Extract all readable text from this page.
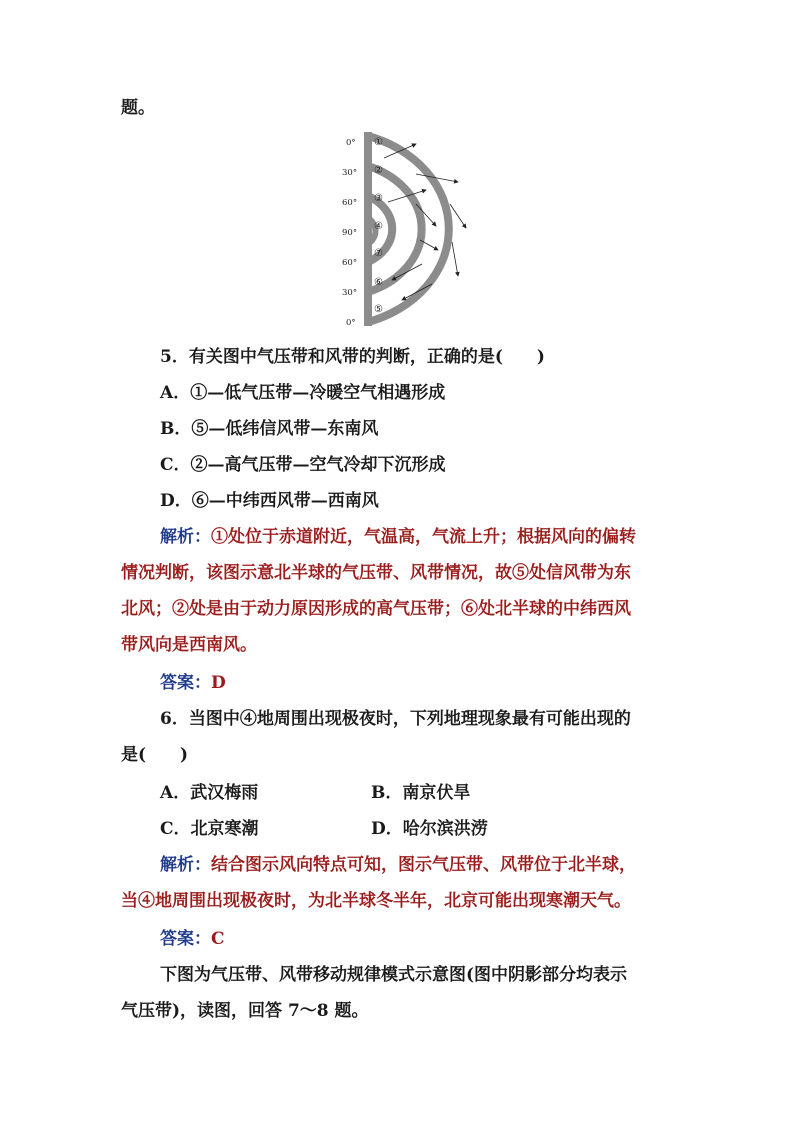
题。
0°
30°
60°
90°
60°
30°
0°
①
②
③
④
⑦
⑥
⑤
5．有关图中气压带和风带的判断，正确的是(　　)
A．①—低气压带—冷暖空气相遇形成
B．⑤—低纬信风带—东南风
C．②—高气压带—空气冷却下沉形成
D．⑥—中纬西风带—西南风
解析：①处位于赤道附近，气温高，气流上升；根据风向的偏转
情况判断，该图示意北半球的气压带、风带情况，故⑤处信风带为东
北风；②处是由于动力原因形成的高气压带；⑥处北半球的中纬西风
带风向是西南风。
答案：D
6．当图中④地周围出现极夜时，下列地理现象最有可能出现的
是(　　)
A．武汉梅雨	B．南京伏旱
C．北京寒潮	D．哈尔滨洪涝
解析：结合图示风向特点可知，图示气压带、风带位于北半球，
当④地周围出现极夜时，为北半球冬半年，北京可能出现寒潮天气。
答案：C
下图为气压带、风带移动规律模式示意图(图中阴影部分均表示
气压带)，读图，回答 7～8 题。
